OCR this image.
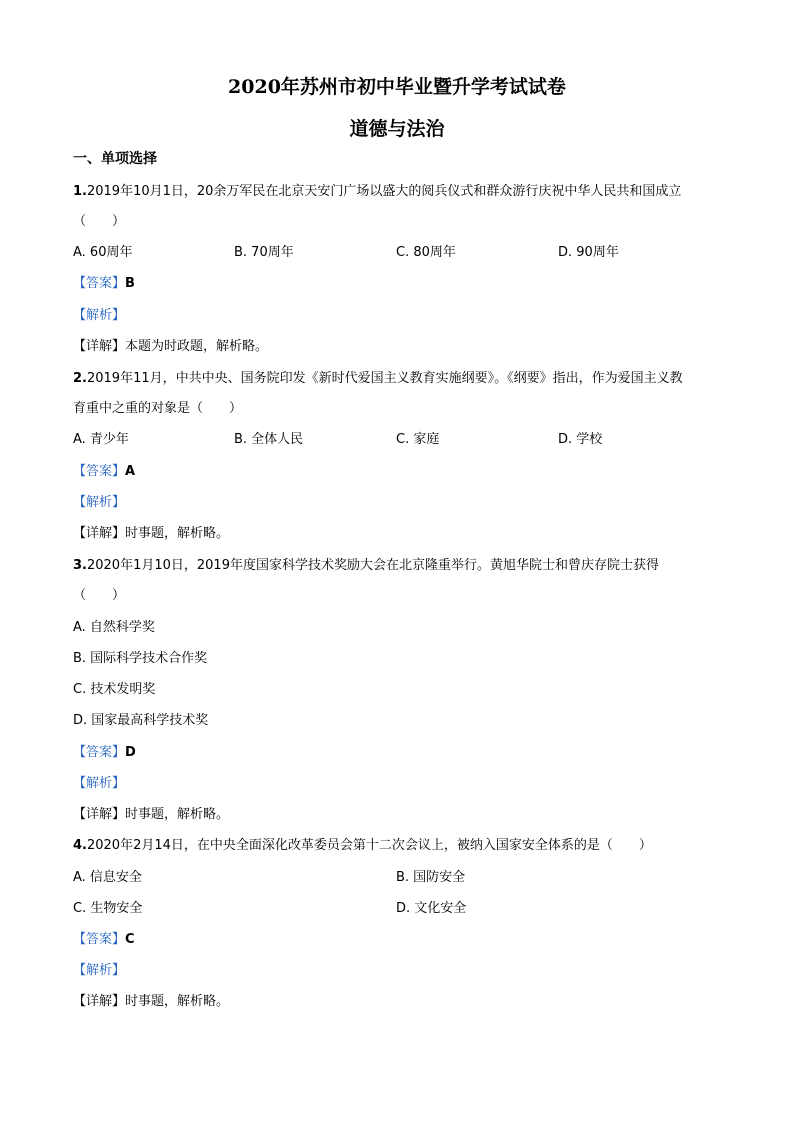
2020年苏州市初中毕业暨升学考试试卷
道德与法治
一、单项选择
1.2019年10月1日，20余万军民在北京天安门广场以盛大的阅兵仪式和群众游行庆祝中华人民共和国成立
（　　）
A. 60周年	B. 70周年	C. 80周年	D. 90周年
【答案】B
【解析】
【详解】本题为时政题，解析略。
2.2019年11月，中共中央、国务院印发《新时代爱国主义教育实施纲要》。《纲要》指出，作为爱国主义教
育重中之重的对象是（　　）
A. 青少年	B. 全体人民	C. 家庭	D. 学校
【答案】A
【解析】
【详解】时事题，解析略。
3.2020年1月10日，2019年度国家科学技术奖励大会在北京隆重举行。黄旭华院士和曾庆存院士获得
（　　）
A. 自然科学奖
B. 国际科学技术合作奖
C. 技术发明奖
D. 国家最高科学技术奖
【答案】D
【解析】
【详解】时事题，解析略。
4.2020年2月14日，在中央全面深化改革委员会第十二次会议上，被纳入国家安全体系的是（　　）
A. 信息安全	B. 国防安全
C. 生物安全	D. 文化安全
【答案】C
【解析】
【详解】时事题，解析略。
